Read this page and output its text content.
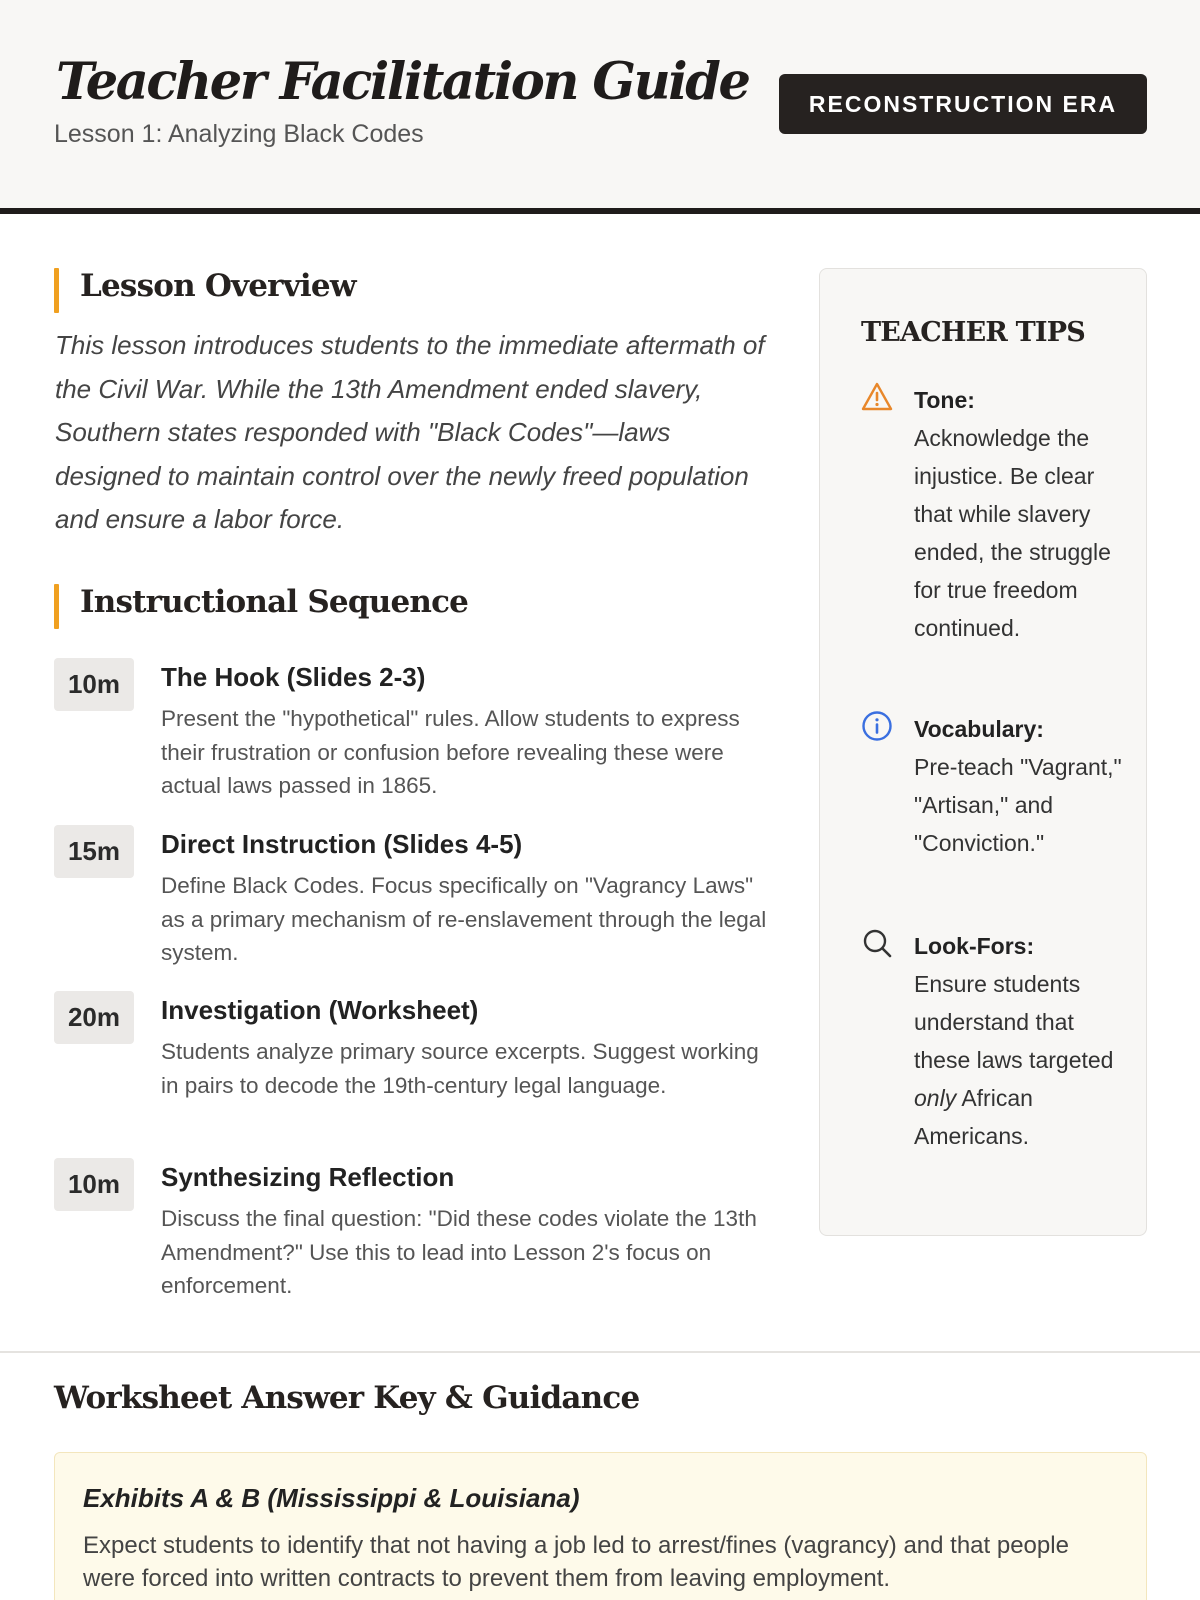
Teacher Facilitation Guide
Lesson 1: Analyzing Black Codes
RECONSTRUCTION ERA
Lesson Overview

This lesson introduces students to the immediate aftermath of the Civil War. While the 13th Amendment ended slavery, Southern states responded with "Black Codes"—laws designed to maintain control over the newly freed population and ensure a labor force.

Instructional Sequence
10m	The Hook (Slides 2-3)
Present the "hypothetical" rules. Allow students to express their frustration or confusion before revealing these were actual laws passed in 1865.
15m	Direct Instruction (Slides 4-5)
Define Black Codes. Focus specifically on "Vagrancy Laws" as a primary mechanism of re-enslavement through the legal system.
20m	Investigation (Worksheet)
Students analyze primary source excerpts. Suggest working in pairs to decode the 19th-century legal language.
10m	Synthesizing Reflection
Discuss the final question: "Did these codes violate the 13th Amendment?" Use this to lead into Lesson 2's focus on enforcement.
TEACHER TIPS
Tone:
Acknowledge the injustice. Be clear that while slavery ended, the struggle for true freedom continued.
Vocabulary:
Pre-teach "Vagrant," "Artisan," and "Conviction."
Look-Fors:
Ensure students understand that these laws targeted only African Americans.
Worksheet Answer Key & Guidance
Exhibits A & B (Mississippi & Louisiana)
Expect students to identify that not having a job led to arrest/fines (vagrancy) and that people were forced into written contracts to prevent them from leaving employment.
